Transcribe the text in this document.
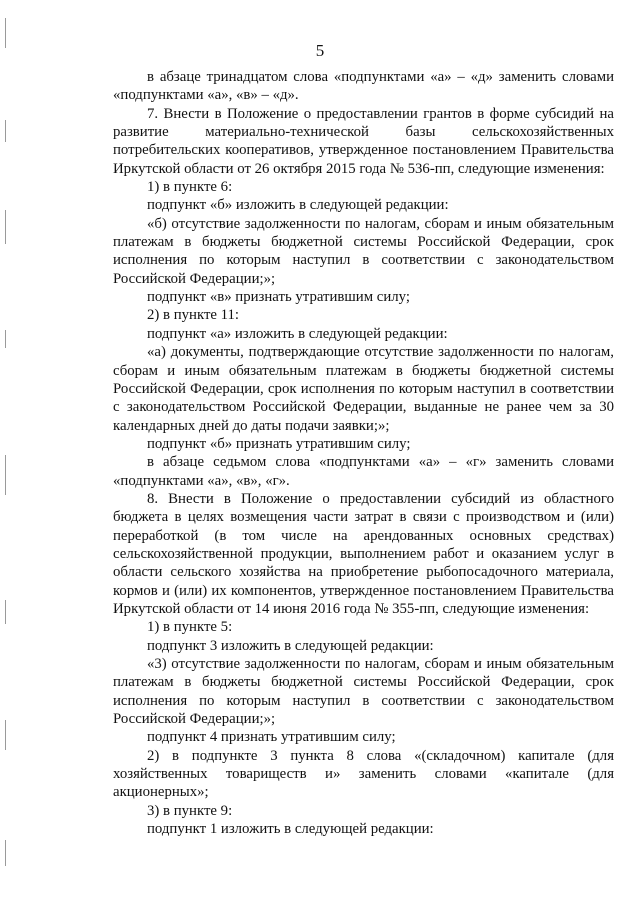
5

в абзаце тринадцатом слова «подпунктами «а» – «д» заменить словами «подпунктами «а», «в» – «д».

7. Внести в Положение о предоставлении грантов в форме субсидий на развитие материально-технической базы сельскохозяйственных потребительских кооперативов, утвержденное постановлением Правительства Иркутской области от 26 октября 2015 года № 536-пп, следующие изменения:

1) в пункте 6:

подпункт «б» изложить в следующей редакции:

«б) отсутствие задолженности по налогам, сборам и иным обязательным платежам в бюджеты бюджетной системы Российской Федерации, срок исполнения по которым наступил в соответствии с законодательством Российской Федерации;»;

подпункт «в» признать утратившим силу;

2) в пункте 11:

подпункт «а» изложить в следующей редакции:

«а) документы, подтверждающие отсутствие задолженности по налогам, сборам и иным обязательным платежам в бюджеты бюджетной системы Российской Федерации, срок исполнения по которым наступил в соответствии с законодательством Российской Федерации, выданные не ранее чем за 30 календарных дней до даты подачи заявки;»;

подпункт «б» признать утратившим силу;

в абзаце седьмом слова «подпунктами «а» – «г» заменить словами «подпунктами «а», «в», «г».

8. Внести в Положение о предоставлении субсидий из областного бюджета в целях возмещения части затрат в связи с производством и (или) переработкой (в том числе на арендованных основных средствах) сельскохозяйственной продукции, выполнением работ и оказанием услуг в области сельского хозяйства на приобретение рыбопосадочного материала, кормов и (или) их компонентов, утвержденное постановлением Правительства Иркутской области от 14 июня 2016 года № 355-пп, следующие изменения:

1) в пункте 5:

подпункт 3 изложить в следующей редакции:

«3) отсутствие задолженности по налогам, сборам и иным обязательным платежам в бюджеты бюджетной системы Российской Федерации, срок исполнения по которым наступил в соответствии с законодательством Российской Федерации;»;

подпункт 4 признать утратившим силу;

2) в подпункте 3 пункта 8 слова «(складочном) капитале (для хозяйственных товариществ и» заменить словами «капитале (для акционерных»;

3) в пункте 9:

подпункт 1 изложить в следующей редакции:
